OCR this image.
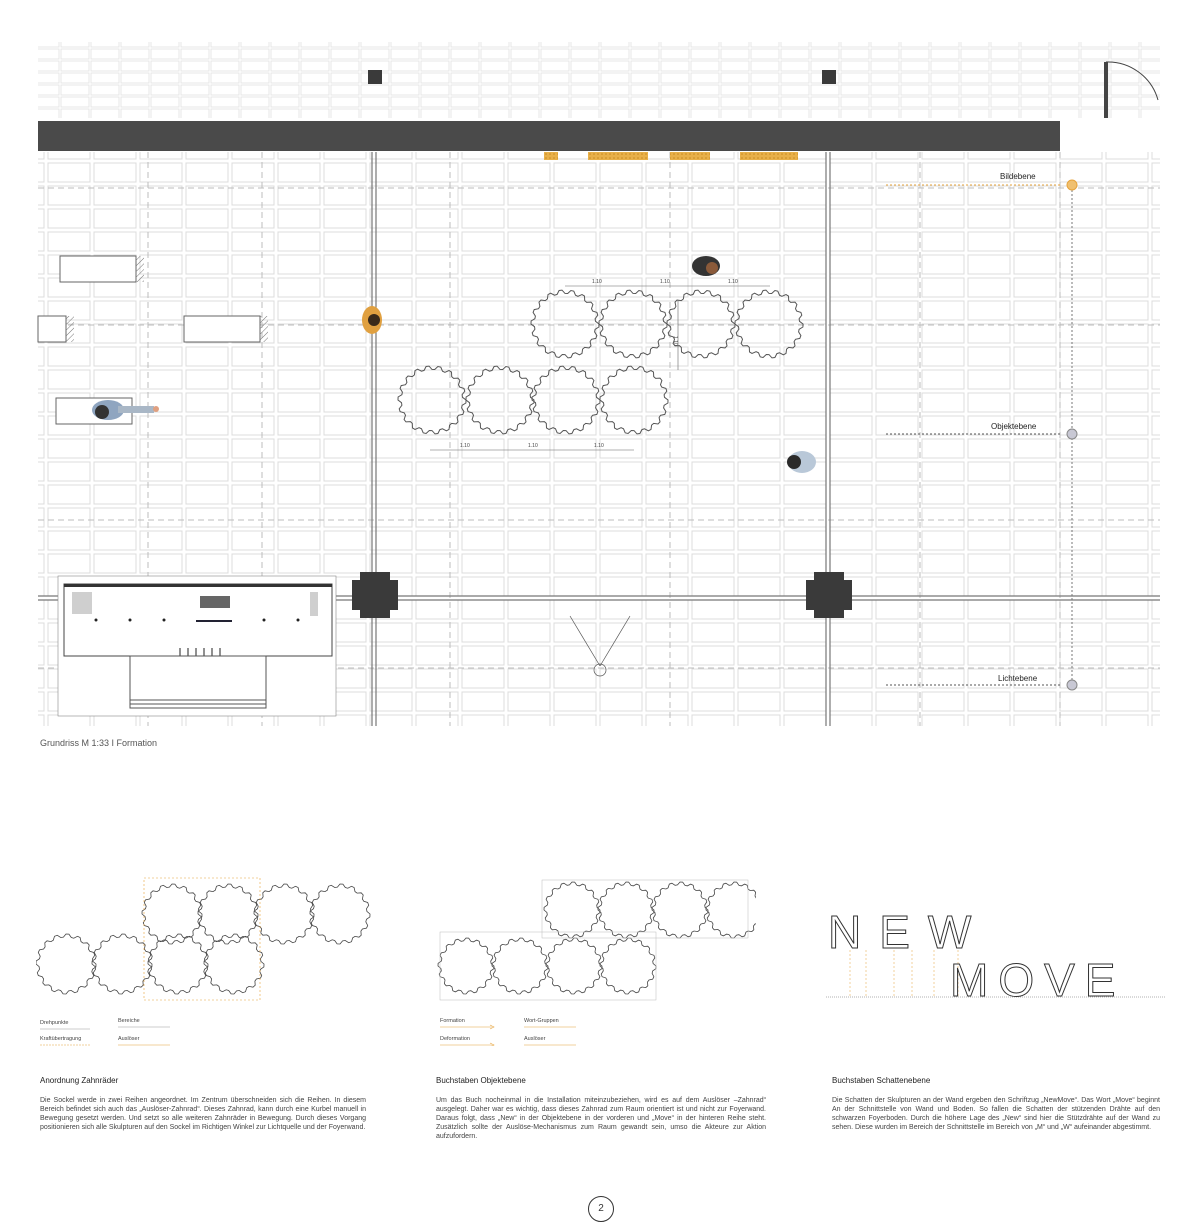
1.10	1.10	1.10
1.10	1.10	1.10
1.10
Bildebene
Objektebene
Lichtebene
Grundriss M 1:33 I Formation
Drehpunkte	Bereiche
Kraftübertragung	Auslöser
Anordnung Zahnräder
Die Sockel werde in zwei Reihen angeordnet. Im Zentrum überschneiden sich die Reihen. In diesem Bereich befindet sich auch das „Auslöser-Zahnrad“. Dieses Zahnrad, kann durch eine Kurbel manuell in Bewegung gesetzt werden. Und setzt so alle weiteren Zahnräder in Bewegung. Durch dieses Vorgang positionieren sich alle Skulpturen auf den Sockel im Richtigen Winkel zur Lichtquelle und der Foyerwand.
Formation	Wort-Gruppen
Deformation	Auslöser
Buchstaben Objektebene
Um das Buch nocheinmal in die Installation miteinzubeziehen, wird es auf dem Auslöser –Zahnrad“ ausgelegt. Daher war es wichtig, dass dieses Zahnrad zum Raum orientiert ist und nicht zur Foyerwand. Daraus folgt, dass „New“ in der Objektebene in der vorderen und „Move“ in der hinteren Reihe steht. Zusätzlich sollte der Auslöse-Mechanismus zum Raum gewandt sein, umso die Akteure zur Aktion aufzufordern.
NEW
MOVE
Buchstaben Schattenebene
Die Schatten der Skulpturen an der Wand ergeben den Schriftzug „NewMove“. Das Wort „Move“ beginnt An der Schnittstelle von Wand und Boden. So fallen die Schatten der stützenden Drähte auf den schwarzen Foyerboden. Durch die höhere Lage des „New“ sind hier die Stützdrähte auf der Wand zu sehen. Diese wurden im Bereich der Schnittstelle im Bereich von „M“ und „W“ aufeinander abgestimmt.
2
